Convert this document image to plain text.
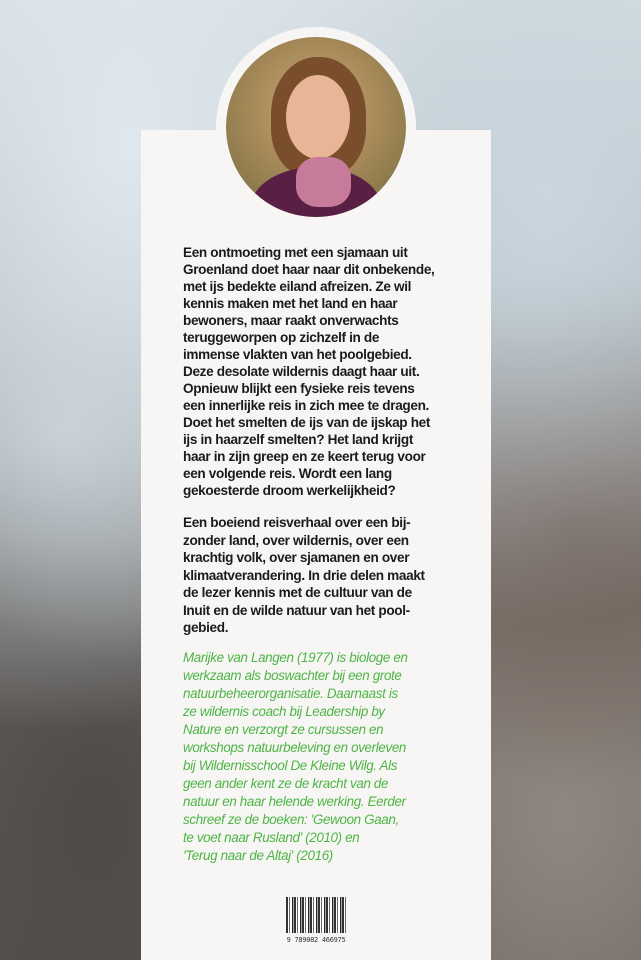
Een ontmoeting met een sjamaan uit
Groenland doet haar naar dit onbekende,
met ijs bedekte eiland afreizen. Ze wil
kennis maken met het land en haar
bewoners, maar raakt onverwachts
teruggeworpen op zichzelf in de
immense vlakten van het poolgebied.
Deze desolate wildernis daagt haar uit.
Opnieuw blijkt een fysieke reis tevens
een innerlijke reis in zich mee te dragen.
Doet het smelten de ijs van de ijskap het
ijs in haarzelf smelten? Het land krijgt
haar in zijn greep en ze keert terug voor
een volgende reis. Wordt een lang
gekoesterde droom werkelijkheid?
Een boeiend reisverhaal over een bij-
zonder land, over wildernis, over een
krachtig volk, over sjamanen en over
klimaatverandering. In drie delen maakt
de lezer kennis met de cultuur van de
Inuit en de wilde natuur van het pool-
gebied.
Marijke van Langen (1977) is biologe en
werkzaam als boswachter bij een grote
natuurbeheerorganisatie. Daarnaast is
ze wildernis coach bij Leadership by
Nature en verzorgt ze cursussen en
workshops natuurbeleving en overleven
bij Wildernisschool De Kleine Wilg. Als
geen ander kent ze de kracht van de
natuur en haar helende werking. Eerder
schreef ze de boeken: 'Gewoon Gaan,
te voet naar Rusland' (2010) en
'Terug naar de Altaj' (2016)
9 789082 466975
